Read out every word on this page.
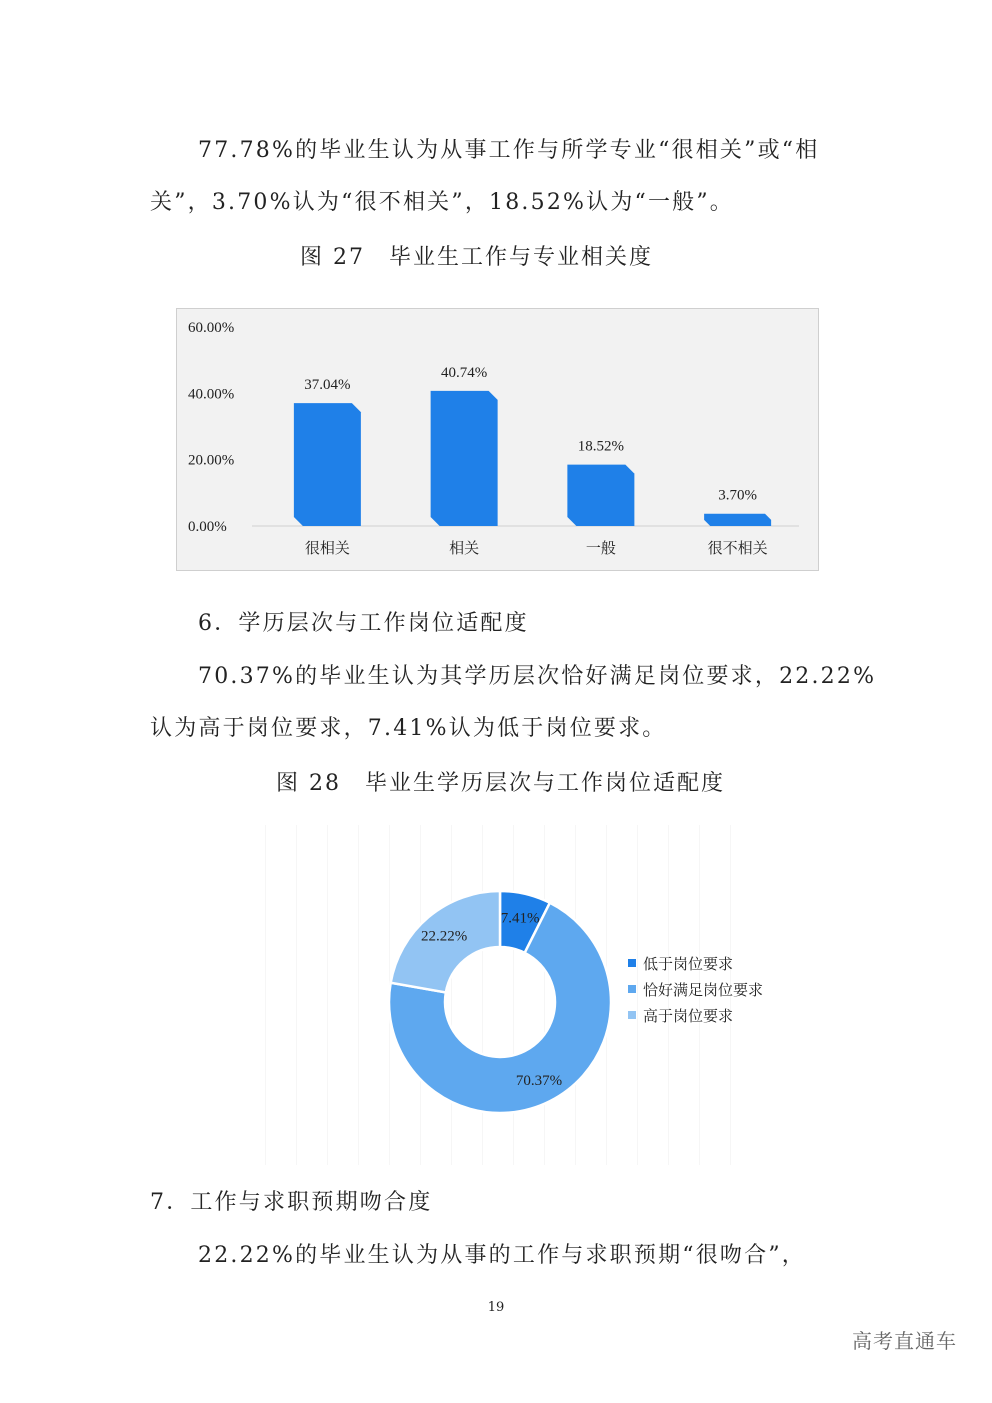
77.78%的毕业生认为从事工作与所学专业“很相关”或“相
关”，3.70%认为“很不相关”，18.52%认为“一般”。
图 27　毕业生工作与专业相关度
0.00%
20.00%
40.00%
60.00%
37.04%
很相关
40.74%
相关
18.52%
一般
3.70%
很不相关
6．学历层次与工作岗位适配度
70.37%的毕业生认为其学历层次恰好满足岗位要求，22.22%
认为高于岗位要求，7.41%认为低于岗位要求。
图 28　毕业生学历层次与工作岗位适配度
7.41%
70.37%
22.22%
低于岗位要求
恰好满足岗位要求
高于岗位要求
7．工作与求职预期吻合度
22.22%的毕业生认为从事的工作与求职预期“很吻合”，
19
高考直通车
